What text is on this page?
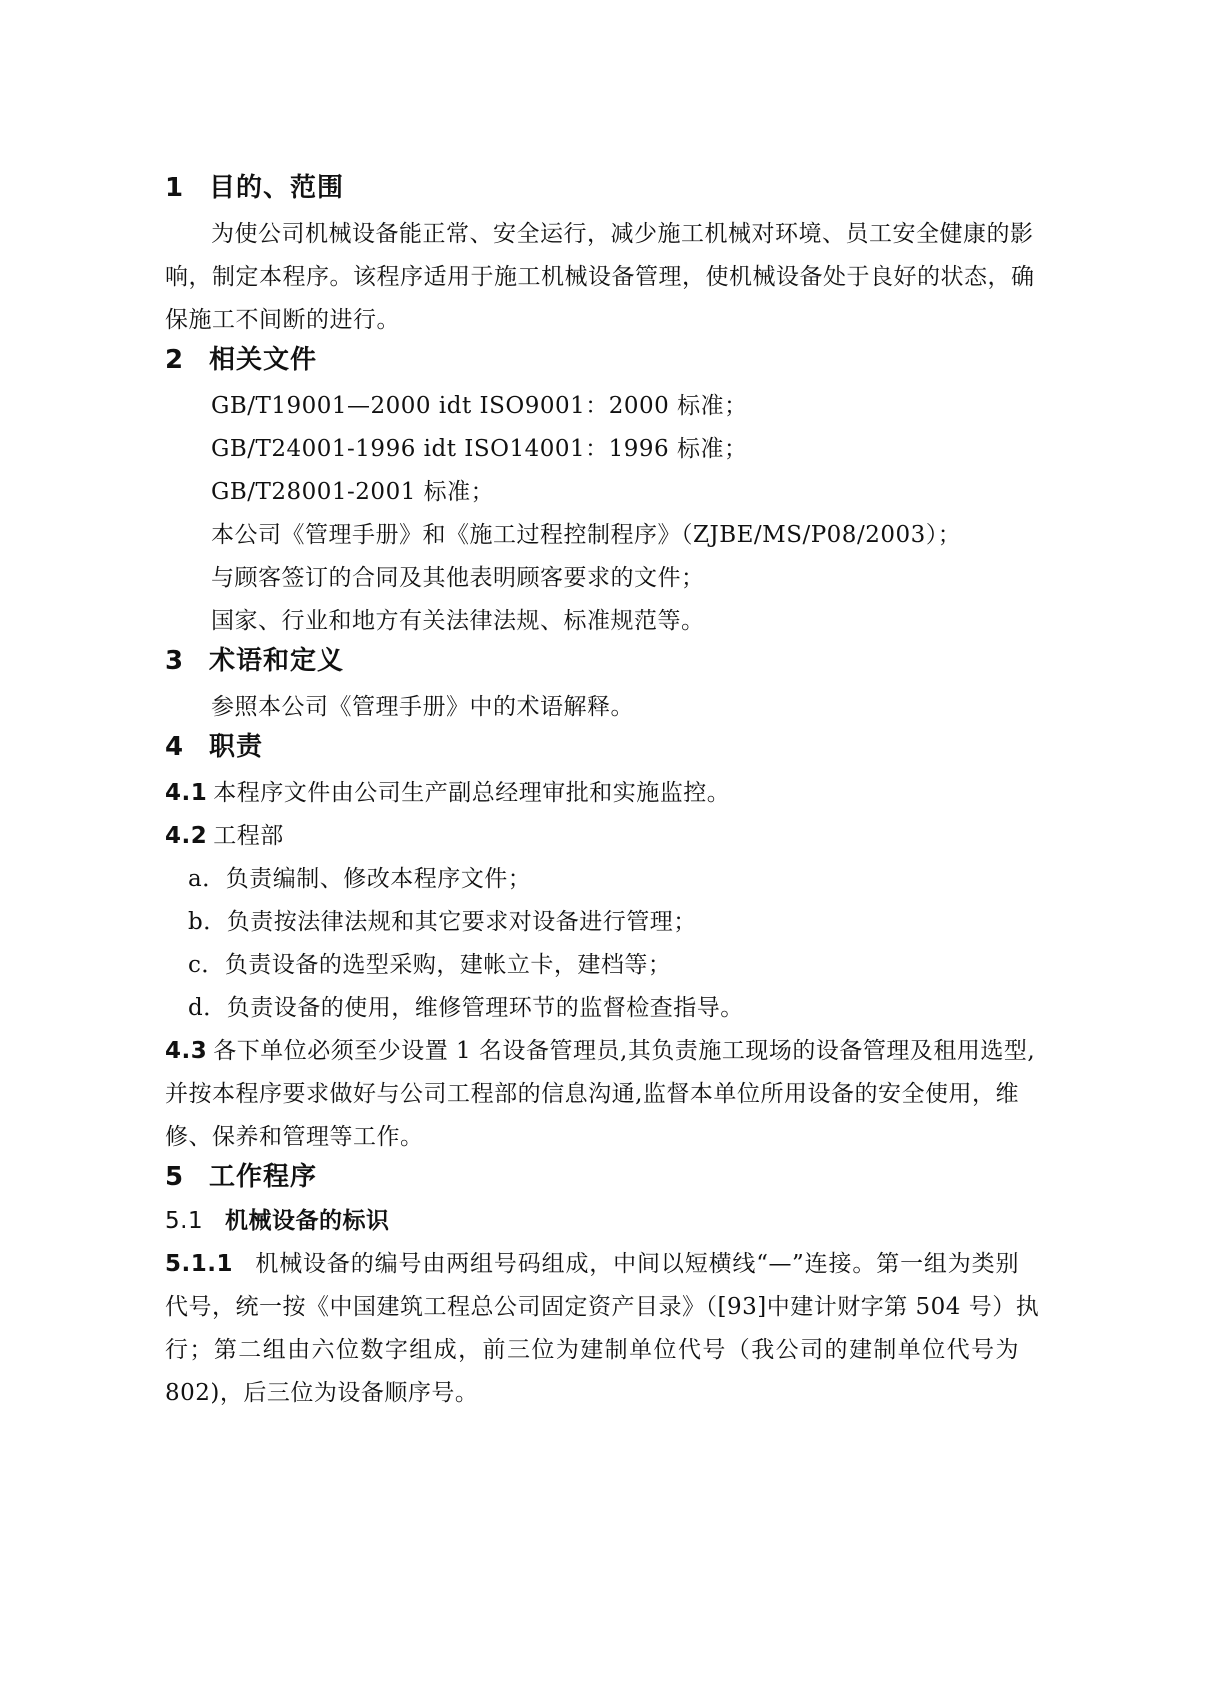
1 目的、范围
为使公司机械设备能正常、安全运行，减少施工机械对环境、员工安全健康的影
响，制定本程序。该程序适用于施工机械设备管理，使机械设备处于良好的状态，确
保施工不间断的进行。
2 相关文件
GB/T19001—2000 idt ISO9001：2000 标准；
GB/T24001-1996 idt ISO14001：1996 标准；
GB/T28001-2001 标准；
本公司《管理手册》和《施工过程控制程序》（ZJBE/MS/P08/2003）；
与顾客签订的合同及其他表明顾客要求的文件；
国家、行业和地方有关法律法规、标准规范等。
3 术语和定义
参照本公司《管理手册》中的术语解释。
4 职责
4.1 本程序文件由公司生产副总经理审批和实施监控。
4.2 工程部
a．负责编制、修改本程序文件；
b．负责按法律法规和其它要求对设备进行管理；
c．负责设备的选型采购，建帐立卡，建档等；
d．负责设备的使用，维修管理环节的监督检查指导。
4.3 各下单位必须至少设置 1 名设备管理员,其负责施工现场的设备管理及租用选型,
并按本程序要求做好与公司工程部的信息沟通,监督本单位所用设备的安全使用，维
修、保养和管理等工作。
5 工作程序
5.1 机械设备的标识
5.1.1 机械设备的编号由两组号码组成，中间以短横线“—”连接。第一组为类别
代号，统一按《中国建筑工程总公司固定资产目录》（[93]中建计财字第 504 号）执
行；第二组由六位数字组成，前三位为建制单位代号（我公司的建制单位代号为
802)，后三位为设备顺序号。
